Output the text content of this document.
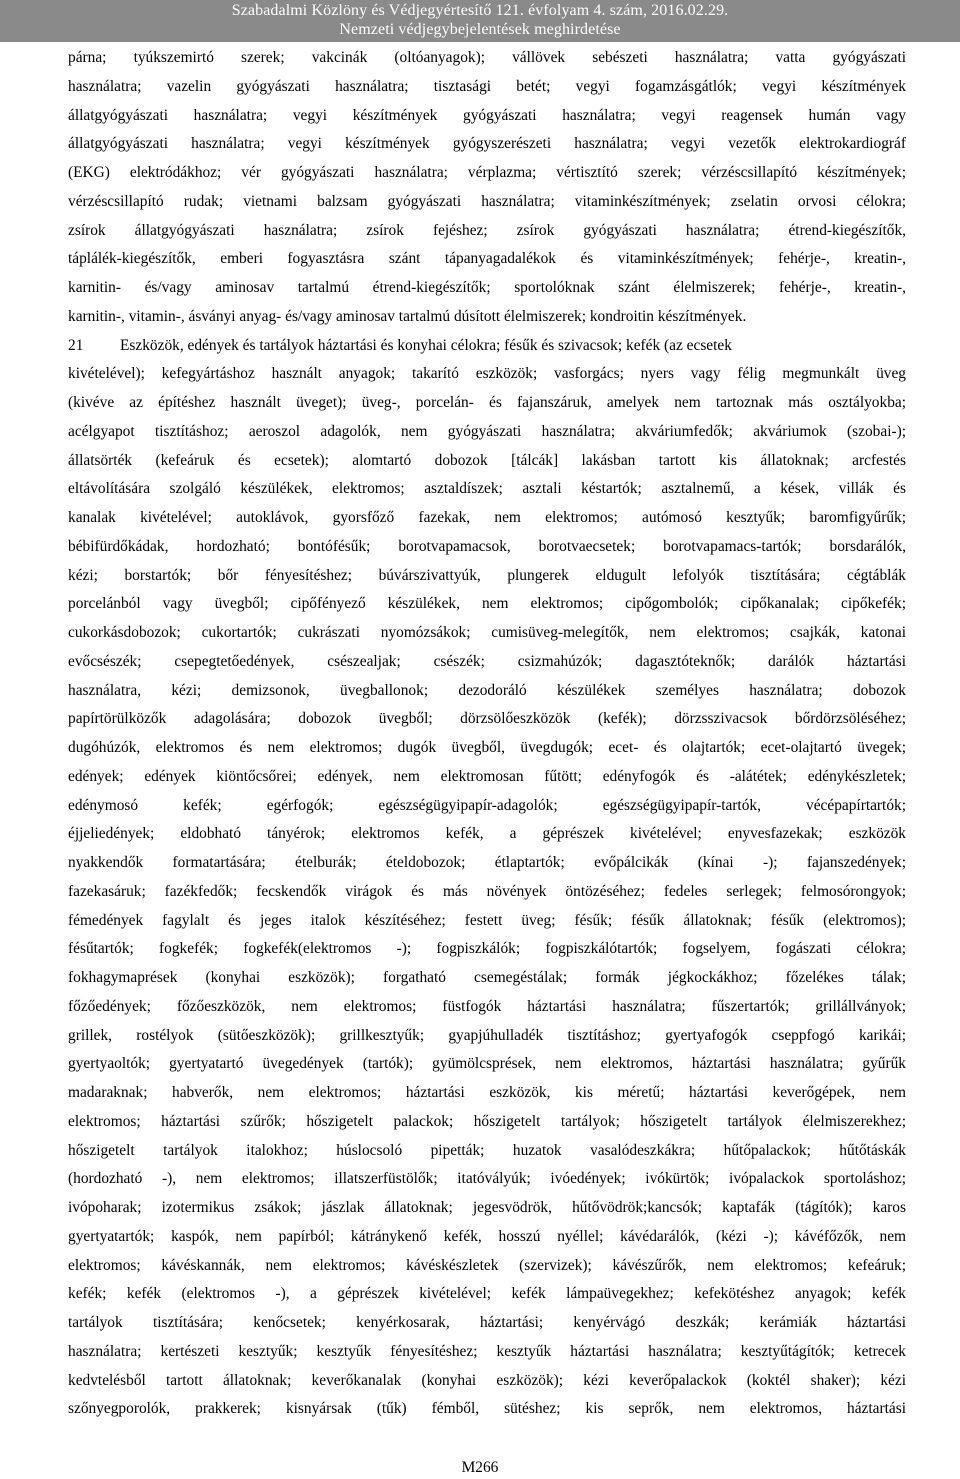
Szabadalmi Közlöny és Védjegyértesítő 121. évfolyam 4. szám, 2016.02.29.
Nemzeti védjegybejelentések meghirdetése
párna; tyúkszemirtó szerek; vakcinák (oltóanyagok); vállövek sebészeti használatra; vatta gyógyászati
használatra; vazelin gyógyászati használatra; tisztasági betét; vegyi fogamzásgátlók; vegyi készítmények
állatgyógyászati használatra; vegyi készítmények gyógyászati használatra; vegyi reagensek humán vagy
állatgyógyászati használatra; vegyi készítmények gyógyszerészeti használatra; vegyi vezetők elektrokardiográf
(EKG) elektródákhoz; vér gyógyászati használatra; vérplazma; vértisztító szerek; vérzéscsillapító készítmények;
vérzéscsillapító rudak; vietnami balzsam gyógyászati használatra; vitaminkészítmények; zselatin orvosi célokra;
zsírok állatgyógyászati használatra; zsírok fejéshez; zsírok gyógyászati használatra; étrend-kiegészítők,
táplálék-kiegészítők, emberi fogyasztásra szánt tápanyagadalékok és vitaminkészítmények; fehérje-, kreatin-,
karnitin- és/vagy aminosav tartalmú étrend-kiegészítők; sportolóknak szánt élelmiszerek; fehérje-, kreatin-,
karnitin-, vitamin-, ásványi anyag- és/vagy aminosav tartalmú dúsított élelmiszerek; kondroitin készítmények.
21 Eszközök, edények és tartályok háztartási és konyhai célokra; fésűk és szivacsok; kefék (az ecsetek
kivételével); kefegyártáshoz használt anyagok; takarító eszközök; vasforgács; nyers vagy félig megmunkált üveg
(kivéve az építéshez használt üveget); üveg-, porcelán- és fajanszáruk, amelyek nem tartoznak más osztályokba;
acélgyapot tisztításhoz; aeroszol adagolók, nem gyógyászati használatra; akváriumfedők; akváriumok (szobai-);
állatsörték (kefeáruk és ecsetek); alomtartó dobozok [tálcák] lakásban tartott kis állatoknak; arcfestés
eltávolítására szolgáló készülékek, elektromos; asztaldíszek; asztali késtartók; asztalnemű, a kések, villák és
kanalak kivételével; autoklávok, gyorsfőző fazekak, nem elektromos; autómosó kesztyűk; baromfigyűrűk;
bébifürdőkádak, hordozható; bontófésűk; borotvapamacsok, borotvaecsetek; borotvapamacs-tartók; borsdarálók,
kézi; borstartók; bőr fényesítéshez; búvárszivattyúk, plungerek eldugult lefolyók tisztítására; cégtáblák
porcelánból vagy üvegből; cipőfényező készülékek, nem elektromos; cipőgombolók; cipőkanalak; cipőkefék;
cukorkásdobozok; cukortartók; cukrászati nyomózsákok; cumisüveg-melegítők, nem elektromos; csajkák, katonai
evőcsészék; csepegtetőedények, csészealjak; csészék; csizmahúzók; dagasztóteknők; darálók háztartási
használatra, kézi; demizsonok, üvegballonok; dezodoráló készülékek személyes használatra; dobozok
papírtörülközők adagolására; dobozok üvegből; dörzsölőeszközök (kefék); dörzsszivacsok bőrdörzsöléséhez;
dugóhúzók, elektromos és nem elektromos; dugók üvegből, üvegdugók; ecet- és olajtartók; ecet-olajtartó üvegek;
edények; edények kiöntőcsőrei; edények, nem elektromosan fűtött; edényfogók és -alátétek; edénykészletek;
edénymosó kefék; egérfogók; egészségügyipapír-adagolók; egészségügyipapír-tartók, vécépapírtartók;
éjjeliedények; eldobható tányérok; elektromos kefék, a géprészek kivételével; enyvesfazekak; eszközök
nyakkendők formatartására; ételburák; ételdobozok; étlaptartók; evőpálcikák (kínai -); fajanszedények;
fazekasáruk; fazékfedők; fecskendők virágok és más növények öntözéséhez; fedeles serlegek; felmosórongyok;
fémedények fagylalt és jeges italok készítéséhez; festett üveg; fésűk; fésűk állatoknak; fésűk (elektromos);
fésűtartók; fogkefék; fogkefék(elektromos -); fogpiszkálók; fogpiszkálótartók; fogselyem, fogászati célokra;
fokhagymaprések (konyhai eszközök); forgatható csemegéstálak; formák jégkockákhoz; főzelékes tálak;
főzőedények; főzőeszközök, nem elektromos; füstfogók háztartási használatra; fűszertartók; grillállványok;
grillek, rostélyok (sütőeszközök); grillkesztyűk; gyapjúhulladék tisztításhoz; gyertyafogók cseppfogó karikái;
gyertyaoltók; gyertyatartó üvegedények (tartók); gyümölcsprések, nem elektromos, háztartási használatra; gyűrűk
madaraknak; habverők, nem elektromos; háztartási eszközök, kis méretű; háztartási keverőgépek, nem
elektromos; háztartási szűrők; hőszigetelt palackok; hőszigetelt tartályok; hőszigetelt tartályok élelmiszerekhez;
hőszigetelt tartályok italokhoz; húslocsoló pipetták; huzatok vasalódeszkákra; hűtőpalackok; hűtőtáskák
(hordozható -), nem elektromos; illatszerfüstölők; itatóvályúk; ivóedények; ivókürtök; ivópalackok sportoláshoz;
ivópoharak; izotermikus zsákok; jászlak állatoknak; jegesvödrök, hűtővödrök;kancsók; kaptafák (tágítók); karos
gyertyatartók; kaspók, nem papírból; kátránykenő kefék, hosszú nyéllel; kávédarálók, (kézi -); kávéfőzők, nem
elektromos; kávéskannák, nem elektromos; kávéskészletek (szervizek); kávészűrők, nem elektromos; kefeáruk;
kefék; kefék (elektromos -), a géprészek kivételével; kefék lámpaüvegekhez; kefekötéshez anyagok; kefék
tartályok tisztítására; kenőcsetek; kenyérkosarak, háztartási; kenyérvágó deszkák; kerámiák háztartási
használatra; kertészeti kesztyűk; kesztyűk fényesítéshez; kesztyűk háztartási használatra; kesztyűtágítók; ketrecek
kedvtelésből tartott állatoknak; keverőkanalak (konyhai eszközök); kézi keverőpalackok (koktél shaker); kézi
szőnyegporolók, prakkerek; kisnyársak (tűk) fémből, sütéshez; kis seprők, nem elektromos, háztartási
M266
